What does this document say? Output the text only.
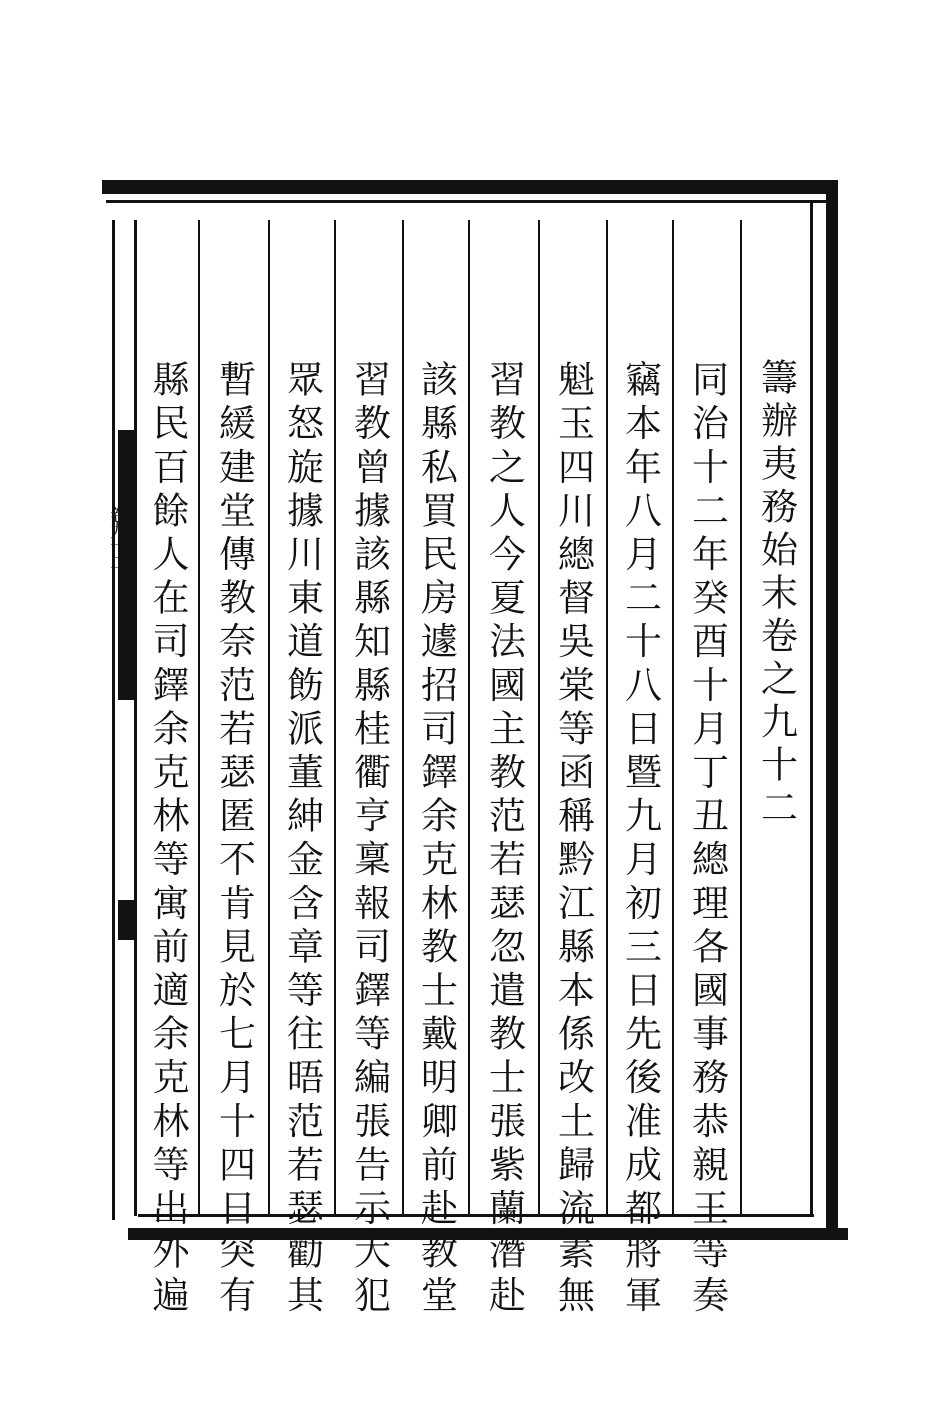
籌辦夷務始末卷之九十二
同治十二年癸酉十月丁丑總理各國事務恭親王等奏
竊本年八月二十八日暨九月初三日先後准成都將軍
魁玉四川總督吳棠等函稱黔江縣本係改土歸流素無
習教之人今夏法國主教范若瑟忽遣教士張紫蘭潛赴
該縣私買民房遽招司鐸余克林教士戴明卿前赴教堂
習教曾據該縣知縣桂衢亨稟報司鐸等編張告示大犯
眾怒旋據川東道飭派董紳金含章等往晤范若瑟勸其
暫緩建堂傳教奈范若瑟匿不肯見於七月十四日突有
縣民百餘人在司鐸余克林等寓前適余克林等出外遍
卷九十二
